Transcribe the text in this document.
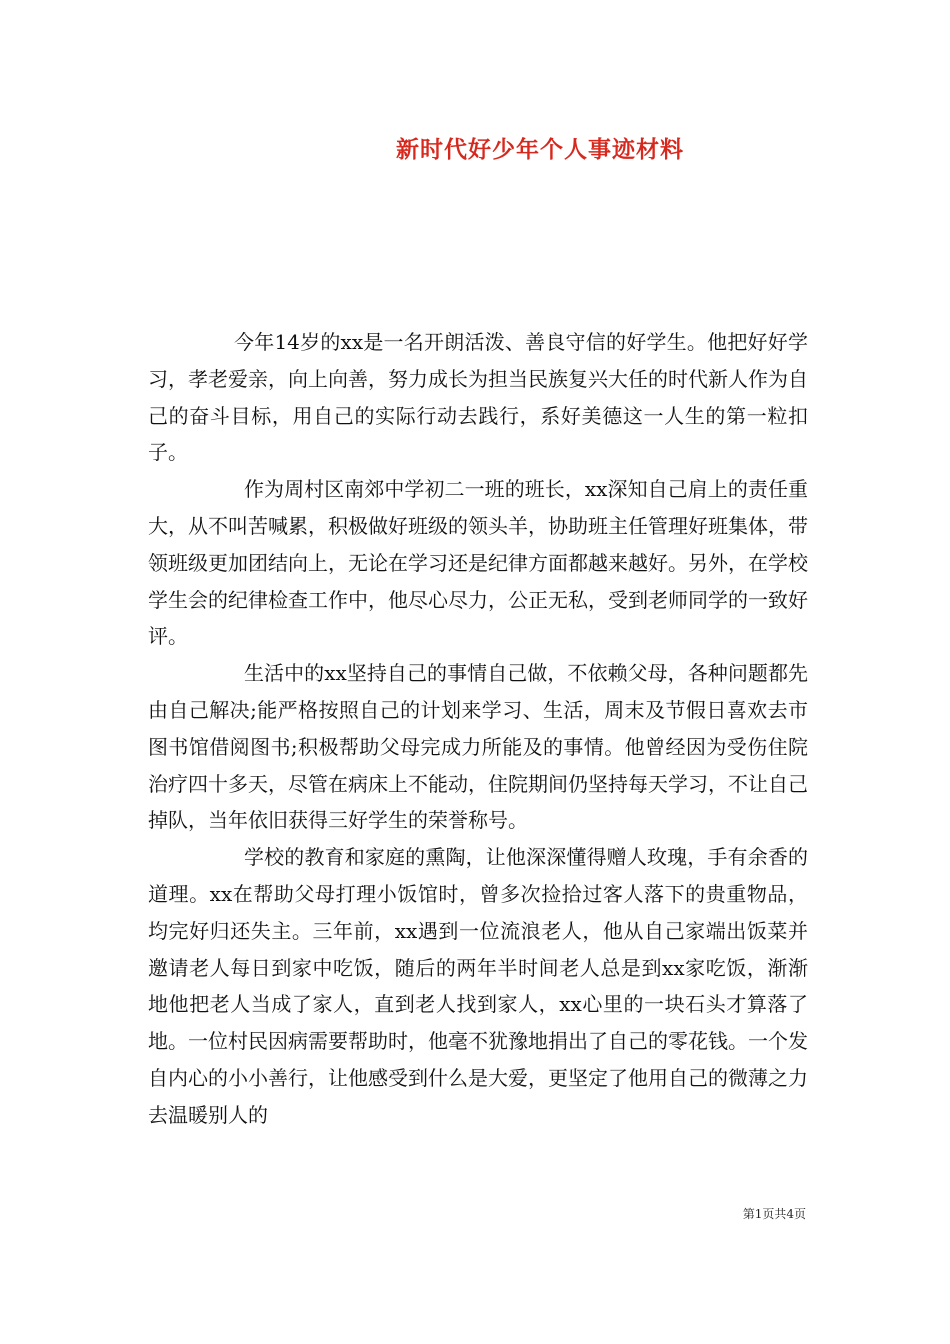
新时代好少年个人事迹材料

今年14岁的xx是一名开朗活泼、善良守信的好学生。他把好好学习，孝老爱亲，向上向善，努力成长为担当民族复兴大任的时代新人作为自己的奋斗目标，用自己的实际行动去践行，系好美德这一人生的第一粒扣子。

作为周村区南郊中学初二一班的班长，xx深知自己肩上的责任重大，从不叫苦喊累，积极做好班级的领头羊，协助班主任管理好班集体，带领班级更加团结向上，无论在学习还是纪律方面都越来越好。另外，在学校学生会的纪律检查工作中，他尽心尽力，公正无私，受到老师同学的一致好评。

生活中的xx坚持自己的事情自己做，不依赖父母，各种问题都先由自己解决;能严格按照自己的计划来学习、生活，周末及节假日喜欢去市图书馆借阅图书;积极帮助父母完成力所能及的事情。他曾经因为受伤住院治疗四十多天，尽管在病床上不能动，住院期间仍坚持每天学习，不让自己掉队，当年依旧获得三好学生的荣誉称号。

学校的教育和家庭的熏陶，让他深深懂得赠人玫瑰，手有余香的道理。xx在帮助父母打理小饭馆时，曾多次捡拾过客人落下的贵重物品，均完好归还失主。三年前，xx遇到一位流浪老人，他从自己家端出饭菜并邀请老人每日到家中吃饭，随后的两年半时间老人总是到xx家吃饭，渐渐地他把老人当成了家人，直到老人找到家人，xx心里的一块石头才算落了地。一位村民因病需要帮助时，他毫不犹豫地捐出了自己的零花钱。一个发自内心的小小善行，让他感受到什么是大爱，更坚定了他用自己的微薄之力去温暖别人的

第1页共4页
